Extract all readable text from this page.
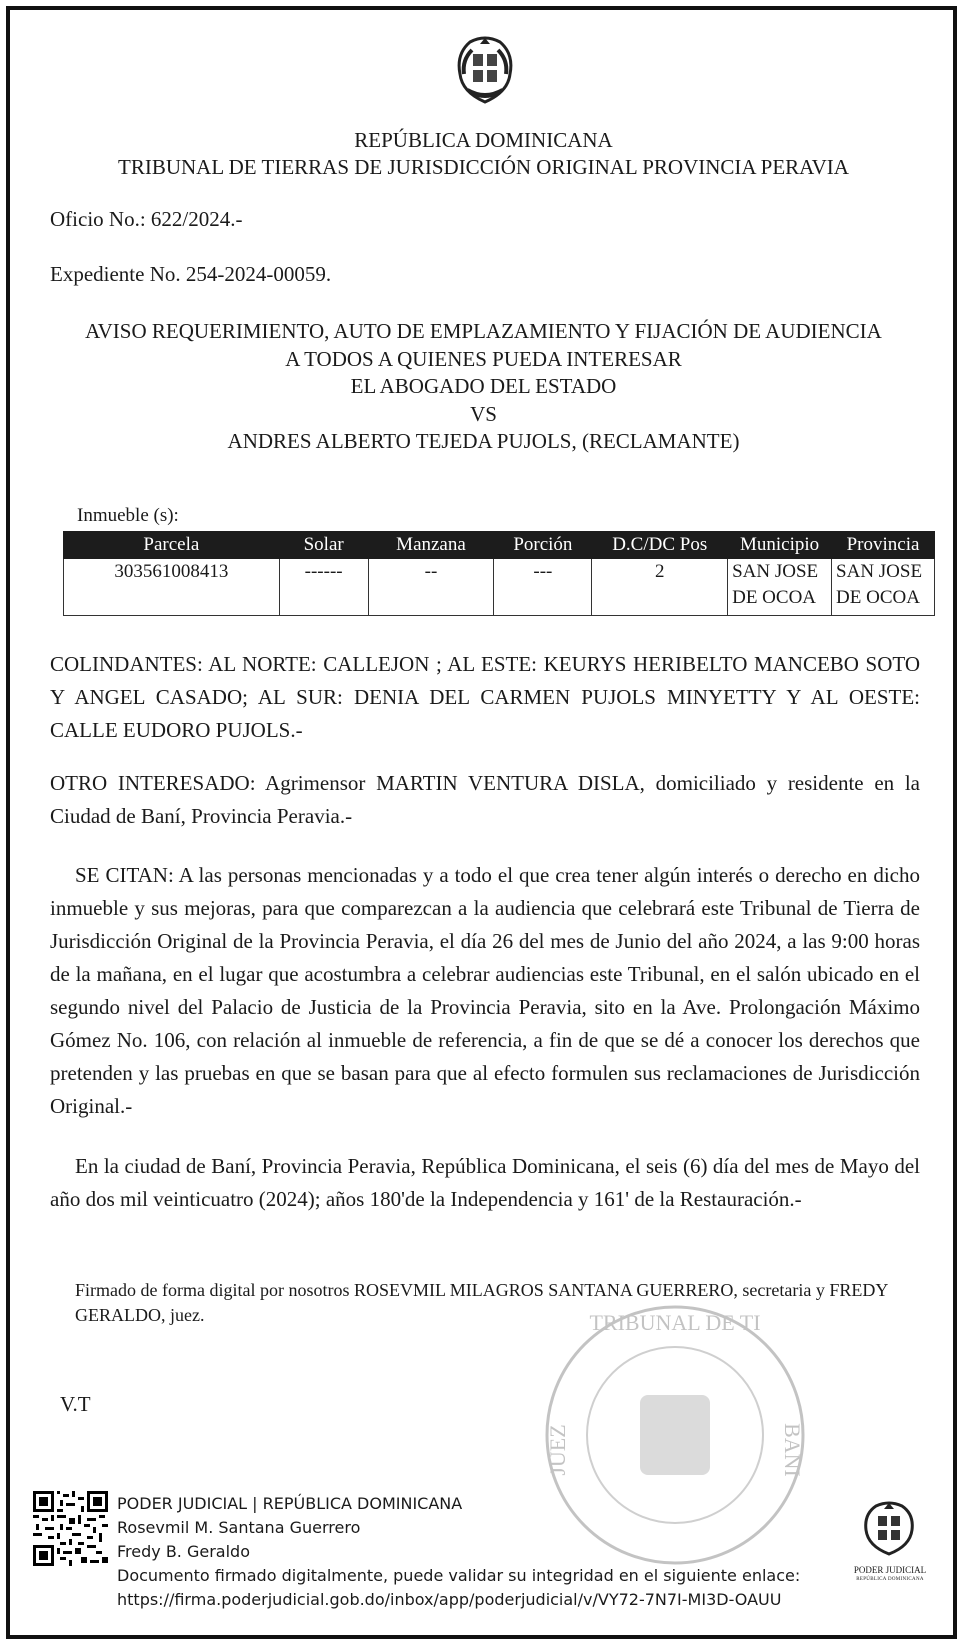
REPÚBLICA DOMINICANA
TRIBUNAL DE TIERRAS DE JURISDICCIÓN ORIGINAL PROVINCIA PERAVIA
Oficio No.: 622/2024.-
Expediente No. 254-2024-00059.
AVISO REQUERIMIENTO, AUTO DE EMPLAZAMIENTO Y FIJACIÓN DE AUDIENCIA
A TODOS A QUIENES PUEDA INTERESAR
EL ABOGADO DEL ESTADO
VS
ANDRES ALBERTO TEJEDA PUJOLS, (RECLAMANTE)
Inmueble (s):
Parcela	Solar	Manzana	Porción	D.C/DC Pos	Municipio	Provincia
303561008413	------	--	---	2	SAN JOSE DE OCOA	SAN JOSE DE OCOA
COLINDANTES: AL NORTE: CALLEJON ; AL ESTE: KEURYS HERIBELTO MANCEBO SOTO Y ANGEL CASADO; AL SUR: DENIA DEL CARMEN PUJOLS MINYETTY Y AL OESTE: CALLE EUDORO PUJOLS.-
OTRO INTERESADO: Agrimensor MARTIN VENTURA DISLA, domiciliado y residente en la Ciudad de Baní, Provincia Peravia.-
SE CITAN: A las personas mencionadas y a todo el que crea tener algún interés o derecho en dicho inmueble y sus mejoras, para que comparezcan a la audiencia que celebrará este Tribunal de Tierra de Jurisdicción Original de la Provincia Peravia, el día 26 del mes de Junio del año 2024, a las 9:00 horas de la mañana, en el lugar que acostumbra a celebrar audiencias este Tribunal, en el salón ubicado en el segundo nivel del Palacio de Justicia de la Provincia Peravia, sito en la Ave. Prolongación Máximo Gómez No. 106, con relación al inmueble de referencia, a fin de que se dé a conocer los derechos que pretenden y las pruebas en que se basan para que al efecto formulen sus reclamaciones de Jurisdicción Original.-
En la ciudad de Baní, Provincia Peravia, República Dominicana, el seis (6) día del mes de Mayo del año dos mil veinticuatro (2024); años 180'de la Independencia y 161' de la Restauración.-
Firmado de forma digital por nosotros ROSEVMIL MILAGROS SANTANA GUERRERO, secretaria y FREDY GERALDO, juez.
V.T
TRIBUNAL DE TI
JUEZ	BANI
PODER JUDICIAL | REPÚBLICA DOMINICANA
Rosevmil M. Santana Guerrero
Fredy B. Geraldo
Documento firmado digitalmente, puede validar su integridad en el siguiente enlace:
https://firma.poderjudicial.gob.do/inbox/app/poderjudicial/v/VY72-7N7I-MI3D-OAUU
PODER JUDICIAL
REPÚBLICA DOMINICANA
